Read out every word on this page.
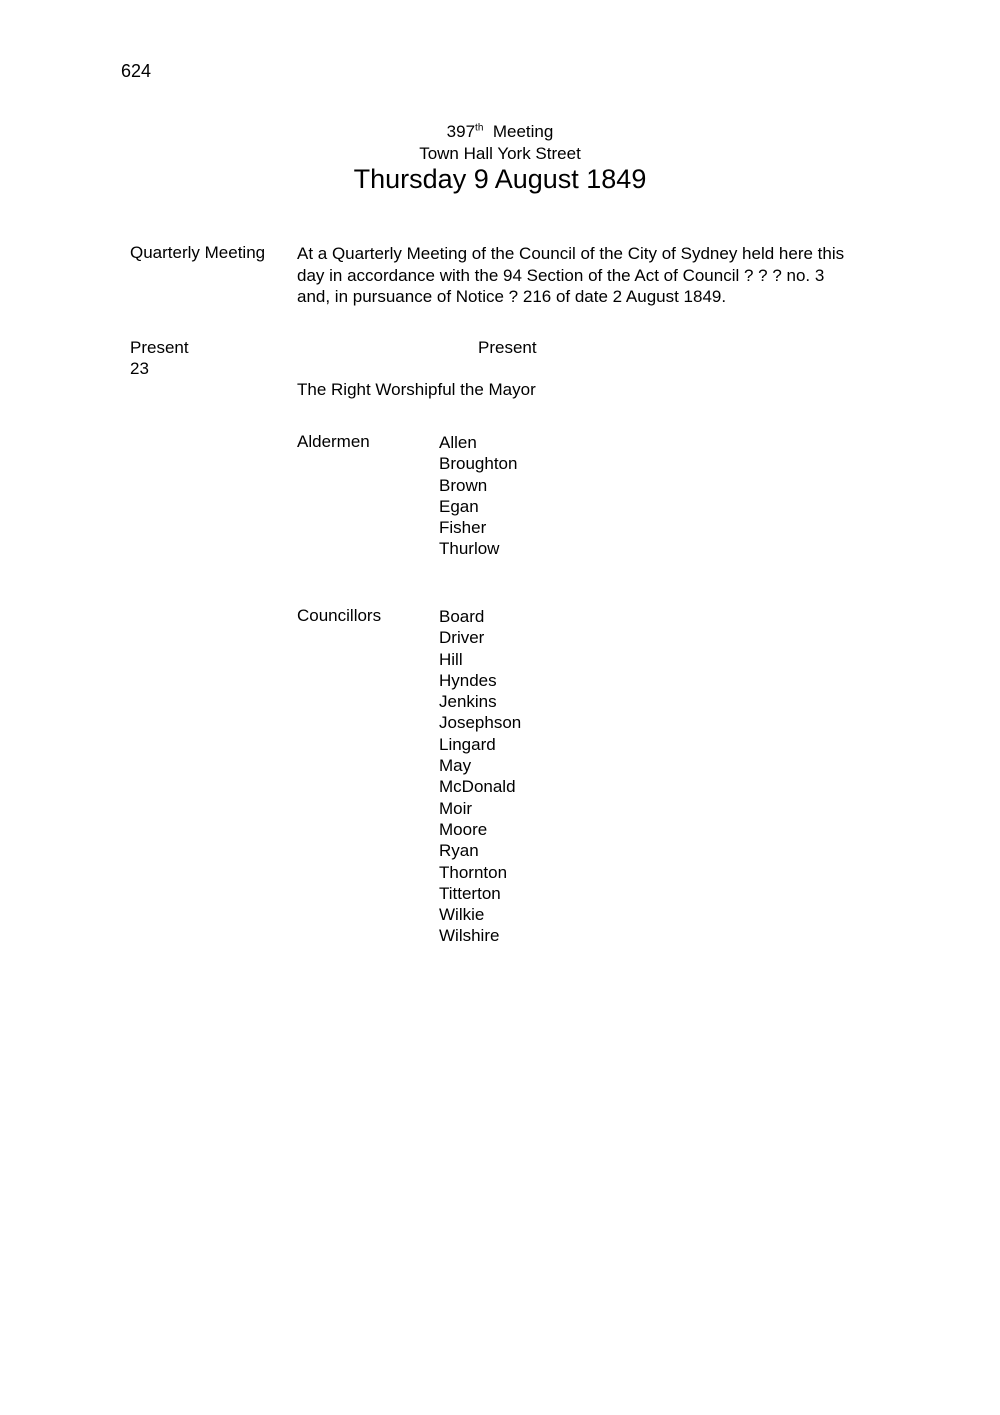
624
397th Meeting
Town Hall York Street
Thursday 9 August 1849
Quarterly Meeting At a Quarterly Meeting of the Council of the City of Sydney held here this
day in accordance with the 94 Section of the Act of Council ? ? ? no. 3
and, in pursuance of Notice ? 216 of date 2 August 1849.
Present
23
Present
The Right Worshipful the Mayor
Aldermen	Allen
Broughton
Brown
Egan
Fisher
Thurlow
Councillors	Board
Driver
Hill
Hyndes
Jenkins
Josephson
Lingard
May
McDonald
Moir
Moore
Ryan
Thornton
Titterton
Wilkie
Wilshire
